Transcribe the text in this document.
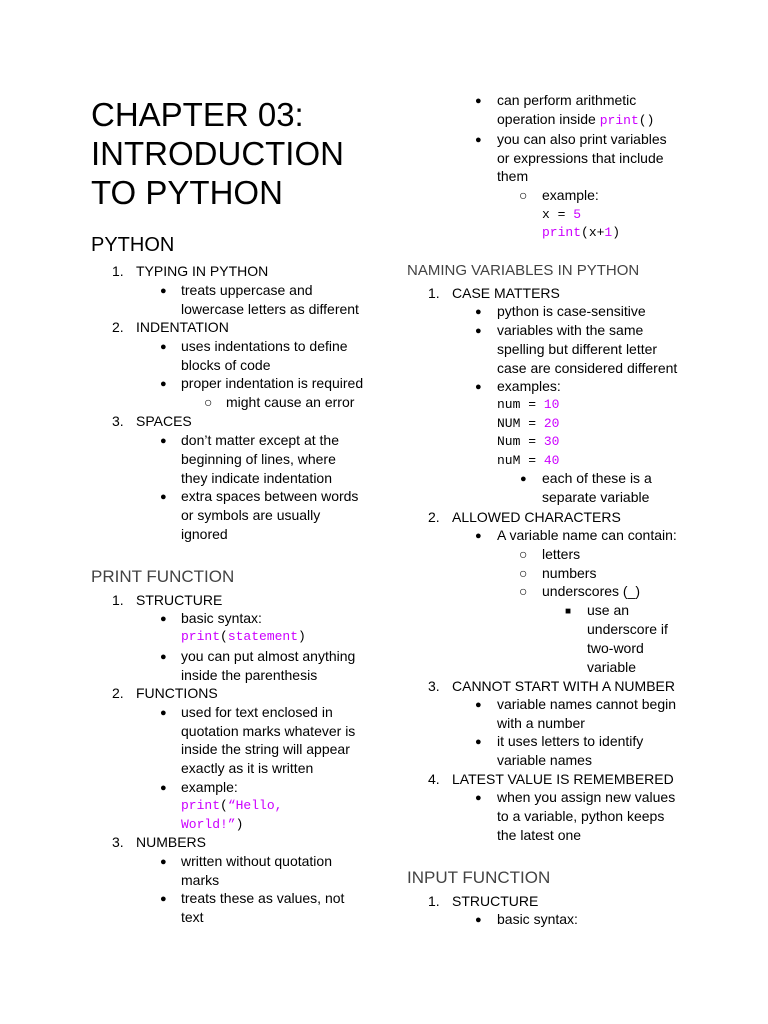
CHAPTER 03:
INTRODUCTION
TO PYTHON
PYTHON
1. TYPING IN PYTHON
● treats uppercase and
lowercase letters as different
2. INDENTATION
● uses indentations to define
blocks of code
● proper indentation is required
○ might cause an error
3. SPACES
● don’t matter except at the
beginning of lines, where
they indicate indentation
● extra spaces between words
or symbols are usually
ignored
PRINT FUNCTION
1. STRUCTURE
● basic syntax:
print(statement)
● you can put almost anything
inside the parenthesis
2. FUNCTIONS
● used for text enclosed in
quotation marks whatever is
inside the string will appear
exactly as it is written
● example:
print(“Hello,
World!”)
3. NUMBERS
● written without quotation
marks
● treats these as values, not
text
● can perform arithmetic
operation inside print()
● you can also print variables
or expressions that include
them
○ example:
x = 5
print(x+1)
NAMING VARIABLES IN PYTHON
1. CASE MATTERS
● python is case-sensitive
● variables with the same
spelling but different letter
case are considered different
● examples:
num = 10
NUM = 20
Num = 30
nuM = 40
● each of these is a
separate variable
2. ALLOWED CHARACTERS
● A variable name can contain:
○ letters
○ numbers
○ underscores (_)
■ use an
underscore if
two-word
variable
3. CANNOT START WITH A NUMBER
● variable names cannot begin
with a number
● it uses letters to identify
variable names
4. LATEST VALUE IS REMEMBERED
● when you assign new values
to a variable, python keeps
the latest one
INPUT FUNCTION
1. STRUCTURE
● basic syntax:
